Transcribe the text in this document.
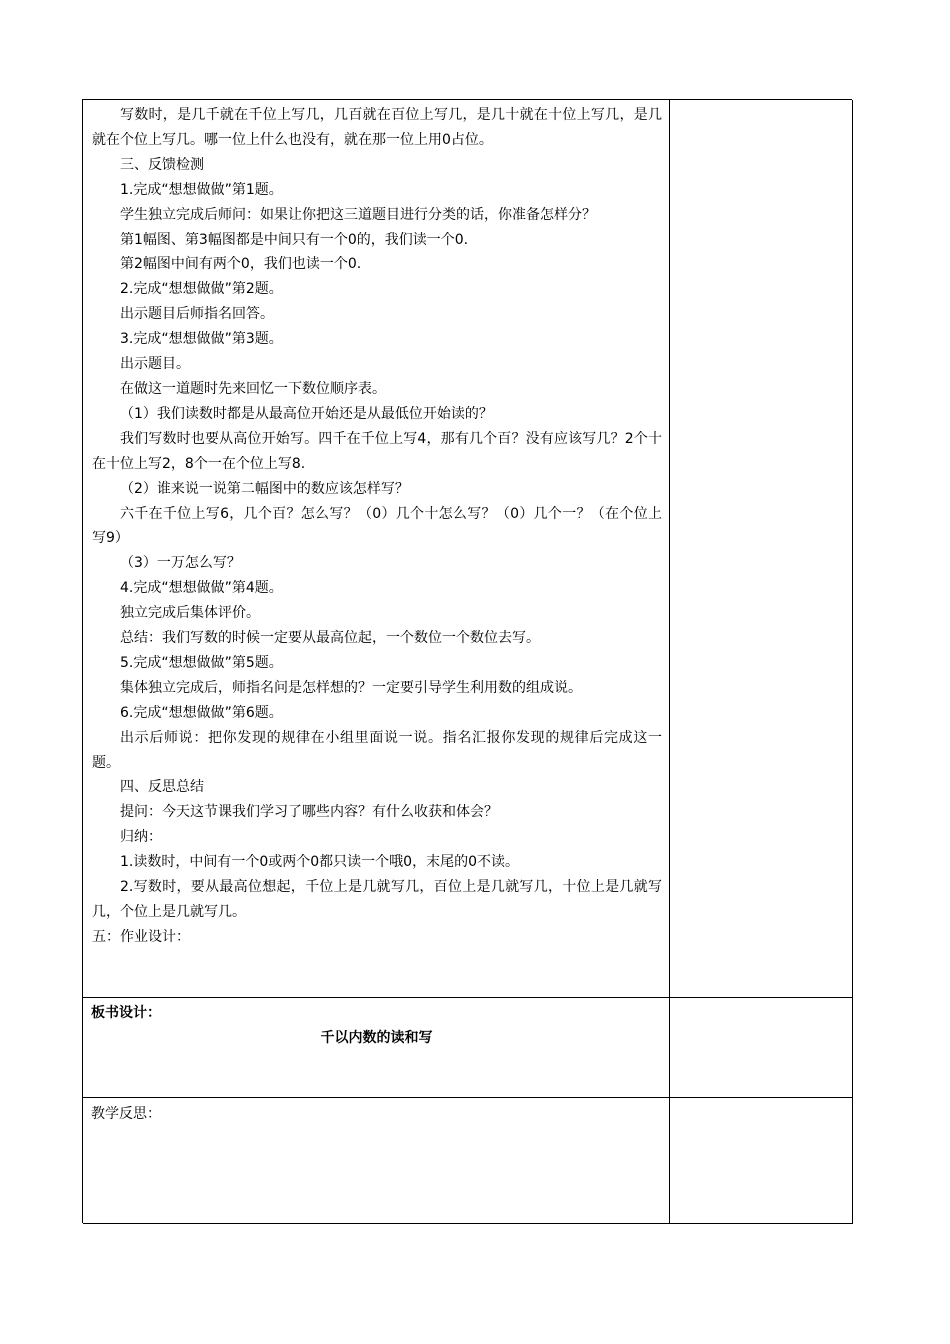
写数时，是几千就在千位上写几，几百就在百位上写几，是几十就在十位上写几，是几就在个位上写几。哪一位上什么也没有，就在那一位上用0占位。

三、反馈检测

1.完成“想想做做”第1题。

学生独立完成后师问：如果让你把这三道题目进行分类的话，你准备怎样分？

第1幅图、第3幅图都是中间只有一个0的，我们读一个0.

第2幅图中间有两个0，我们也读一个0.

2.完成“想想做做”第2题。

出示题目后师指名回答。

3.完成“想想做做”第3题。

出示题目。

在做这一道题时先来回忆一下数位顺序表。

（1）我们读数时都是从最高位开始还是从最低位开始读的？

我们写数时也要从高位开始写。四千在千位上写4，那有几个百？没有应该写几？2个十在十位上写2，8个一在个位上写8.

（2）谁来说一说第二幅图中的数应该怎样写？

六千在千位上写6，几个百？怎么写？（0）几个十怎么写？（0）几个一？（在个位上写9）

（3）一万怎么写？

4.完成“想想做做”第4题。

独立完成后集体评价。

总结：我们写数的时候一定要从最高位起，一个数位一个数位去写。

5.完成“想想做做”第5题。

集体独立完成后，师指名问是怎样想的？一定要引导学生利用数的组成说。

6.完成“想想做做”第6题。

出示后师说：把你发现的规律在小组里面说一说。指名汇报你发现的规律后完成这一题。

四、反思总结

提问：今天这节课我们学习了哪些内容？有什么收获和体会？

归纳：

1.读数时，中间有一个0或两个0都只读一个哦0，末尾的0不读。

2.写数时，要从最高位想起，千位上是几就写几，百位上是几就写几，十位上是几就写几，个位上是几就写几。

五：作业设计：

板书设计：
千以内数的读和写
教学反思：
